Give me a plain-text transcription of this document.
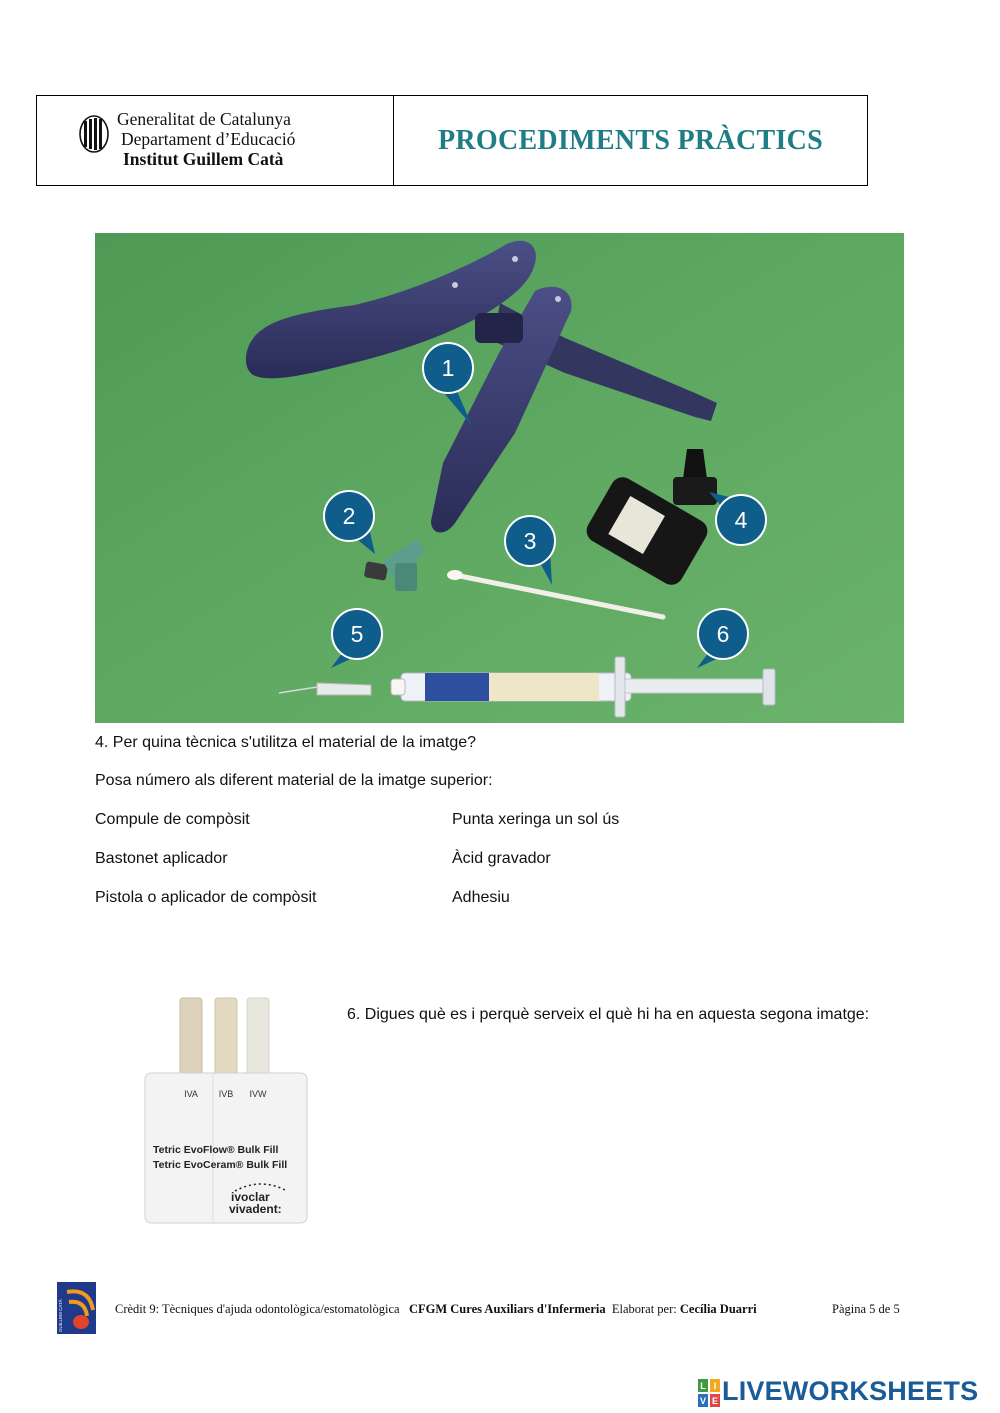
Generalitat de Catalunya
Departament d’Educació
Institut Guillem Catà
PROCEDIMENTS PRÀCTICS
1
2
3
4
5	6
4. Per quina tècnica s'utilitza el material de la imatge?
Posa número als diferent material de la imatge superior:
Compule de compòsit
Bastonet aplicador
Pistola o aplicador de compòsit
Punta xeringa un sol ús
Àcid gravador
Adhesiu
IVA IVB IVW
Tetric EvoFlow® Bulk Fill
Tetric EvoCeram® Bulk Fill
ivoclar
vivadent:
6. Digues què es i perquè serveix el què hi ha en aquesta segona imatge:
GUILLEM CATÀ	Crèdit 9: Tècniques d'ajuda odontològica/estomatològica CFGM Cures Auxiliars d'Infermeria Elaborat per: Cecília Duarri	Pàgina 5 de 5
L I
V E LIVEWORKSHEETS
